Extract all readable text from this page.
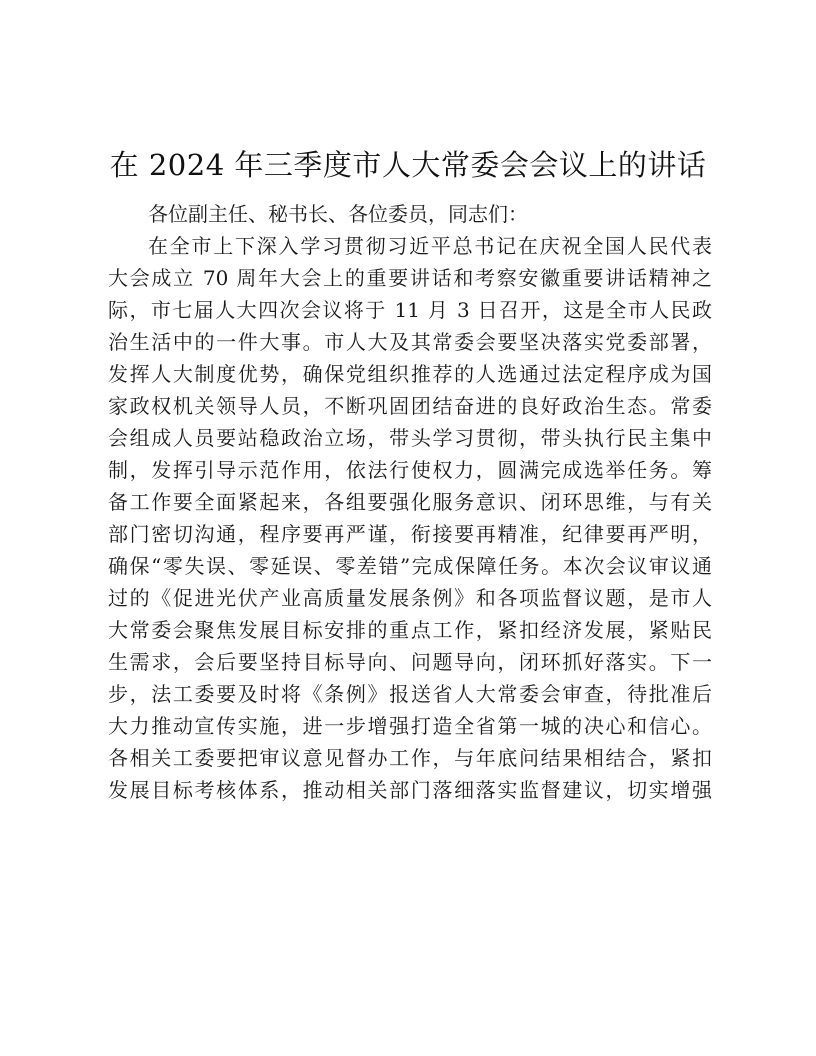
在 2024 年三季度市人大常委会会议上的讲话
各位副主任、秘书长、各位委员，同志们：
在全市上下深入学习贯彻习近平总书记在庆祝全国人民代表
大会成立 70 周年大会上的重要讲话和考察安徽重要讲话精神之
际，市七届人大四次会议将于 11 月 3 日召开，这是全市人民政
治生活中的一件大事。市人大及其常委会要坚决落实党委部署，
发挥人大制度优势，确保党组织推荐的人选通过法定程序成为国
家政权机关领导人员，不断巩固团结奋进的良好政治生态。常委
会组成人员要站稳政治立场，带头学习贯彻，带头执行民主集中
制，发挥引导示范作用，依法行使权力，圆满完成选举任务。筹
备工作要全面紧起来，各组要强化服务意识、闭环思维，与有关
部门密切沟通，程序要再严谨，衔接要再精准，纪律要再严明，
确保“零失误、零延误、零差错”完成保障任务。本次会议审议通
过的《促进光伏产业高质量发展条例》和各项监督议题，是市人
大常委会聚焦发展目标安排的重点工作，紧扣经济发展，紧贴民
生需求，会后要坚持目标导向、问题导向，闭环抓好落实。下一
步，法工委要及时将《条例》报送省人大常委会审查，待批准后
大力推动宣传实施，进一步增强打造全省第一城的决心和信心。
各相关工委要把审议意见督办工作，与年底问结果相结合，紧扣
发展目标考核体系，推动相关部门落细落实监督建议，切实增强
